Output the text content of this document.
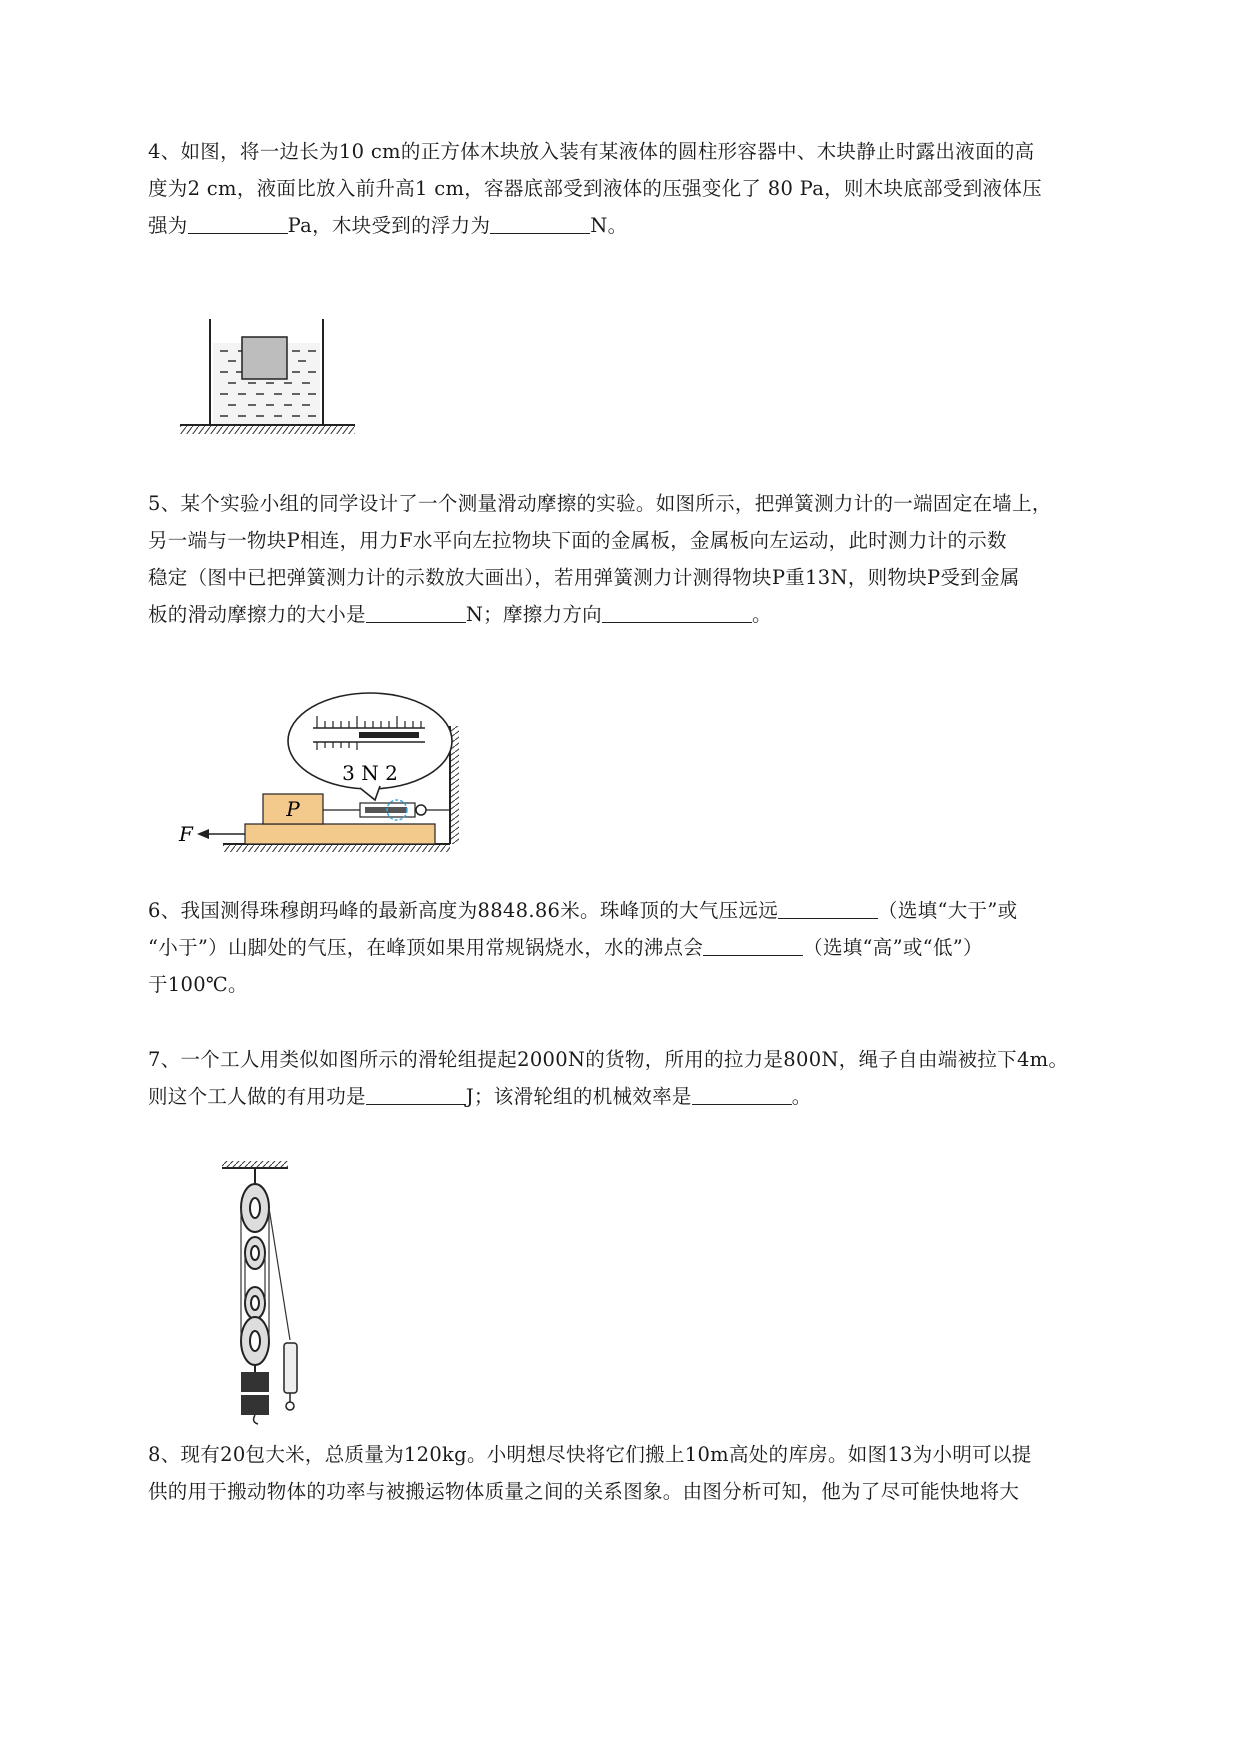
4、如图，将一边长为10 cm的正方体木块放入装有某液体的圆柱形容器中、木块静止时露出液面的高
度为2 cm，液面比放入前升高1 cm，容器底部受到液体的压强变化了 80 Pa，则木块底部受到液体压
强为	Pa，木块受到的浮力为	N。
5、某个实验小组的同学设计了一个测量滑动摩擦的实验。如图所示，把弹簧测力计的一端固定在墙上，
另一端与一物块P相连，用力F水平向左拉物块下面的金属板，金属板向左运动，此时测力计的示数
稳定（图中已把弹簧测力计的示数放大画出），若用弹簧测力计测得物块P重13N，则物块P受到金属
板的滑动摩擦力的大小是	N；摩擦力方向	。
P
3 N 2
F
6、我国测得珠穆朗玛峰的最新高度为8848.86米。珠峰顶的大气压远远	（选填“大于”或
“小于”）山脚处的气压，在峰顶如果用常规锅烧水，水的沸点会	（选填“高”或“低”）
于100℃。
7、一个工人用类似如图所示的滑轮组提起2000N的货物，所用的拉力是800N，绳子自由端被拉下4m。
则这个工人做的有用功是	J；该滑轮组的机械效率是	。
8、现有20包大米，总质量为120kg。小明想尽快将它们搬上10m高处的库房。如图13为小明可以提
供的用于搬动物体的功率与被搬运物体质量之间的关系图象。由图分析可知，他为了尽可能快地将大
